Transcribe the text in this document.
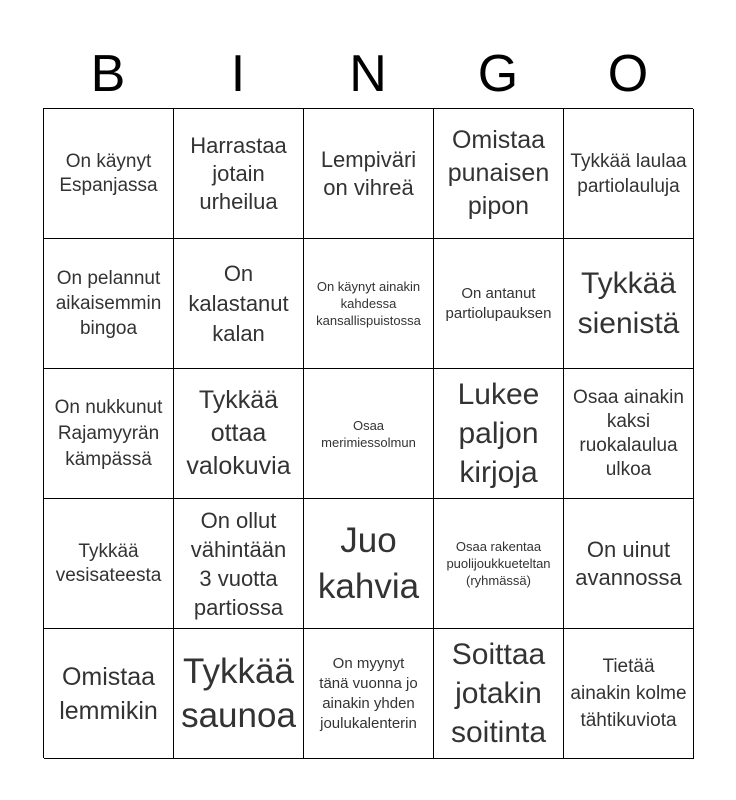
B	I	N	G	O
On käynyt Espanjassa
Harrastaa jotain urheilua
Lempiväri on vihreä
Omistaa punaisen pipon
Tykkää laulaa partiolauluja
On pelannut aikaisemmin bingoa
On kalastanut kalan
On käynyt ainakin kahdessa kansallispuistossa
On antanut partiolupauksen
Tykkää sienistä
On nukkunut Rajamyyrän kämpässä
Tykkää ottaa valokuvia
Osaa merimiessolmun
Lukee paljon kirjoja
Osaa ainakin kaksi ruokalaulua ulkoa
Tykkää vesisateesta
On ollut vähintään 3 vuotta partiossa
Juo kahvia
Osaa rakentaa puolijoukkueteltan (ryhmässä)
On uinut avannossa
Omistaa lemmikin
Tykkää saunoa
On myynyt tänä vuonna jo ainakin yhden joulukalenterin
Soittaa jotakin soitinta
Tietää ainakin kolme tähtikuviota
